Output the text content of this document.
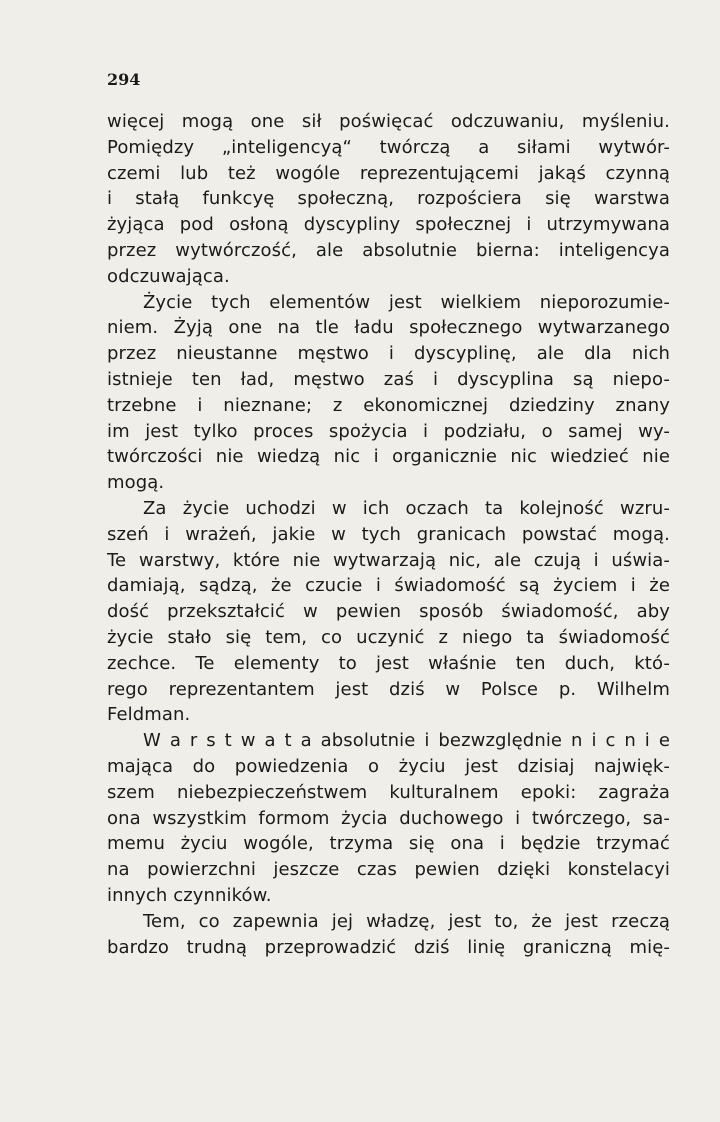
294
więcej mogą one sił poświęcać odczuwaniu, myśleniu.
Pomiędzy „inteligencyą“ twórczą a siłami wytwór-
czemi lub też wogóle reprezentującemi jakąś czynną
i stałą funkcyę społeczną, rozpościera się warstwa
żyjąca pod osłoną dyscypliny społecznej i utrzymywana
przez wytwórczość, ale absolutnie bierna: inteligencya
odczuwająca.
Życie tych elementów jest wielkiem nieporozumie-
niem. Żyją one na tle ładu społecznego wytwarzanego
przez nieustanne męstwo i dyscyplinę, ale dla nich
istnieje ten ład, męstwo zaś i dyscyplina są niepo-
trzebne i nieznane; z ekonomicznej dziedziny znany
im jest tylko proces spożycia i podziału, o samej wy-
twórczości nie wiedzą nic i organicznie nic wiedzieć nie
mogą.
Za życie uchodzi w ich oczach ta kolejność wzru-
szeń i wrażeń, jakie w tych granicach powstać mogą.
Te warstwy, które nie wytwarzają nic, ale czują i uświa-
damiają, sądzą, że czucie i świadomość są życiem i że
dość przekształcić w pewien sposób świadomość, aby
życie stało się tem, co uczynić z niego ta świadomość
zechce. Te elementy to jest właśnie ten duch, któ-
rego reprezentantem jest dziś w Polsce p. Wilhelm
Feldman.
W a r s t w a t a absolutnie i bezwzględnie n i c n i e
mająca do powiedzenia o życiu jest dzisiaj najwięk-
szem niebezpieczeństwem kulturalnem epoki: zagraża
ona wszystkim formom życia duchowego i twórczego, sa-
memu życiu wogóle, trzyma się ona i będzie trzymać
na powierzchni jeszcze czas pewien dzięki konstelacyi
innych czynników.
Tem, co zapewnia jej władzę, jest to, że jest rzeczą
bardzo trudną przeprowadzić dziś linię graniczną mię-
